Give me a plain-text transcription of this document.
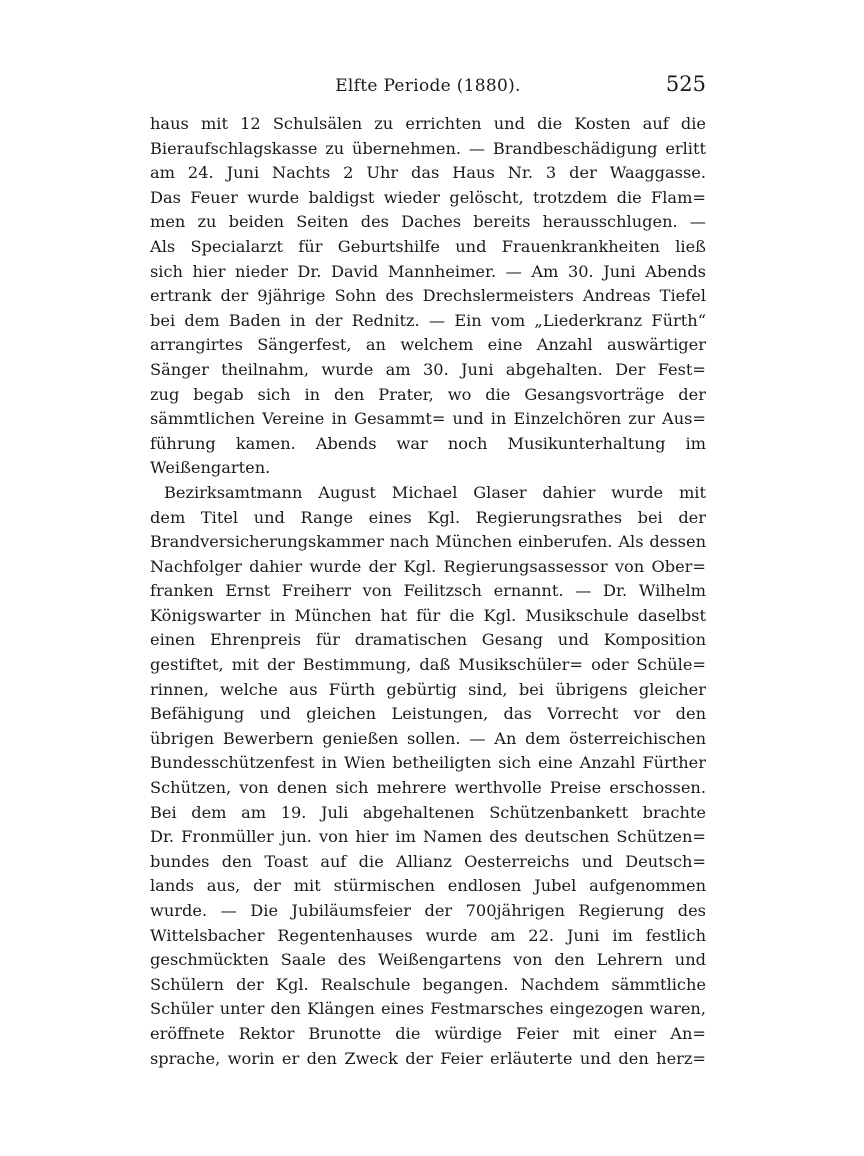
Elfte Periode (1880).	525
haus mit 12 Schulsälen zu errichten und die Kosten auf die
Bieraufschlagskasse zu übernehmen. — Brandbeschädigung erlitt
am 24. Juni Nachts 2 Uhr das Haus Nr. 3 der Waaggasse.
Das Feuer wurde baldigst wieder gelöscht, trotzdem die Flam=
men zu beiden Seiten des Daches bereits herausschlugen. —
Als Specialarzt für Geburtshilfe und Frauenkrankheiten ließ
sich hier nieder Dr. David Mannheimer. — Am 30. Juni Abends
ertrank der 9jährige Sohn des Drechslermeisters Andreas Tiefel
bei dem Baden in der Rednitz. — Ein vom „Liederkranz Fürth“
arrangirtes Sängerfest, an welchem eine Anzahl auswärtiger
Sänger theilnahm, wurde am 30. Juni abgehalten. Der Fest=
zug begab sich in den Prater, wo die Gesangsvorträge der
sämmtlichen Vereine in Gesammt= und in Einzelchören zur Aus=
führung kamen. Abends war noch Musikunterhaltung im
Weißengarten.
Bezirksamtmann August Michael Glaser dahier wurde mit
dem Titel und Range eines Kgl. Regierungsrathes bei der
Brandversicherungskammer nach München einberufen. Als dessen
Nachfolger dahier wurde der Kgl. Regierungsassessor von Ober=
franken Ernst Freiherr von Feilitzsch ernannt. — Dr. Wilhelm
Königswarter in München hat für die Kgl. Musikschule daselbst
einen Ehrenpreis für dramatischen Gesang und Komposition
gestiftet, mit der Bestimmung, daß Musikschüler= oder Schüle=
rinnen, welche aus Fürth gebürtig sind, bei übrigens gleicher
Befähigung und gleichen Leistungen, das Vorrecht vor den
übrigen Bewerbern genießen sollen. — An dem österreichischen
Bundesschützenfest in Wien betheiligten sich eine Anzahl Fürther
Schützen, von denen sich mehrere werthvolle Preise erschossen.
Bei dem am 19. Juli abgehaltenen Schützenbankett brachte
Dr. Fronmüller jun. von hier im Namen des deutschen Schützen=
bundes den Toast auf die Allianz Oesterreichs und Deutsch=
lands aus, der mit stürmischen endlosen Jubel aufgenommen
wurde. — Die Jubiläumsfeier der 700jährigen Regierung des
Wittelsbacher Regentenhauses wurde am 22. Juni im festlich
geschmückten Saale des Weißengartens von den Lehrern und
Schülern der Kgl. Realschule begangen. Nachdem sämmtliche
Schüler unter den Klängen eines Festmarsches eingezogen waren,
eröffnete Rektor Brunotte die würdige Feier mit einer An=
sprache, worin er den Zweck der Feier erläuterte und den herz=
